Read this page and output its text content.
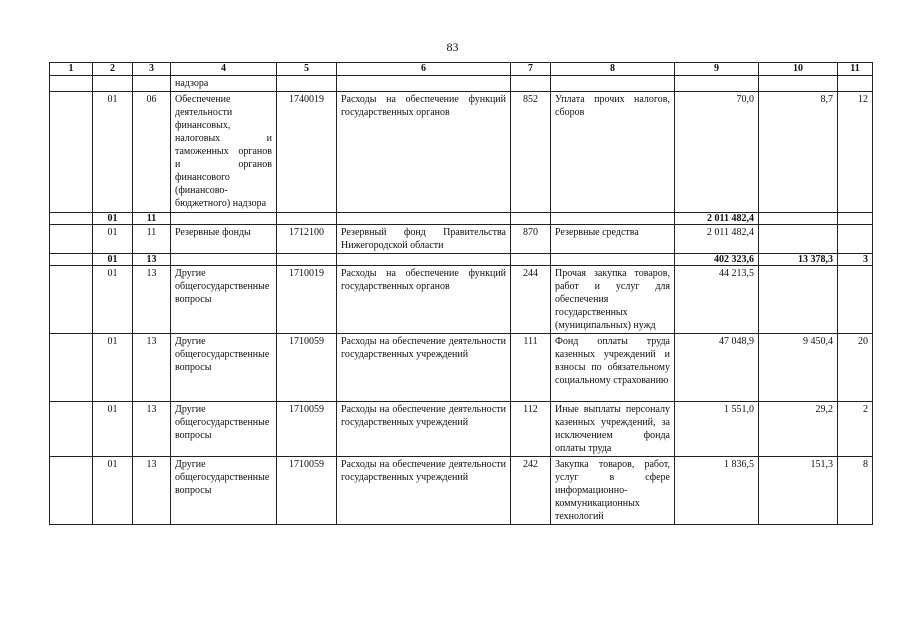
83
1	2	3	4	5	6	7	8	9	10	11
			надзора							
	01	06	Обеспечение деятельности финансовых, налоговых и таможенных органов и органов финансового (финансово-бюджетного) надзора	1740019	Расходы на обеспечение функций государственных органов	852	Уплата прочих налогов, сборов	70,0	8,7	12
	01	11						2 011 482,4		
	01	11	Резервные фонды	1712100	Резервный фонд Правительства Нижегородской области	870	Резервные средства	2 011 482,4		
	01	13						402 323,6	13 378,3	3
	01	13	Другие общегосударственные вопросы	1710019	Расходы на обеспечение функций государственных органов	244	Прочая закупка товаров, работ и услуг для обеспечения государственных (муниципальных) нужд	44 213,5		
	01	13	Другие общегосударственные вопросы	1710059	Расходы на обеспечение деятельности государственных учреждений	111	Фонд оплаты труда казенных учреждений и взносы по обязательному социальному страхованию	47 048,9	9 450,4	20
	01	13	Другие общегосударственные вопросы	1710059	Расходы на обеспечение деятельности государственных учреждений	112	Иные выплаты персоналу казенных учреждений, за исключением фонда оплаты труда	1 551,0	29,2	2
	01	13	Другие общегосударственные вопросы	1710059	Расходы на обеспечение деятельности государственных учреждений	242	Закупка товаров, работ, услуг в сфере информационно-коммуникационных технологий	1 836,5	151,3	8
